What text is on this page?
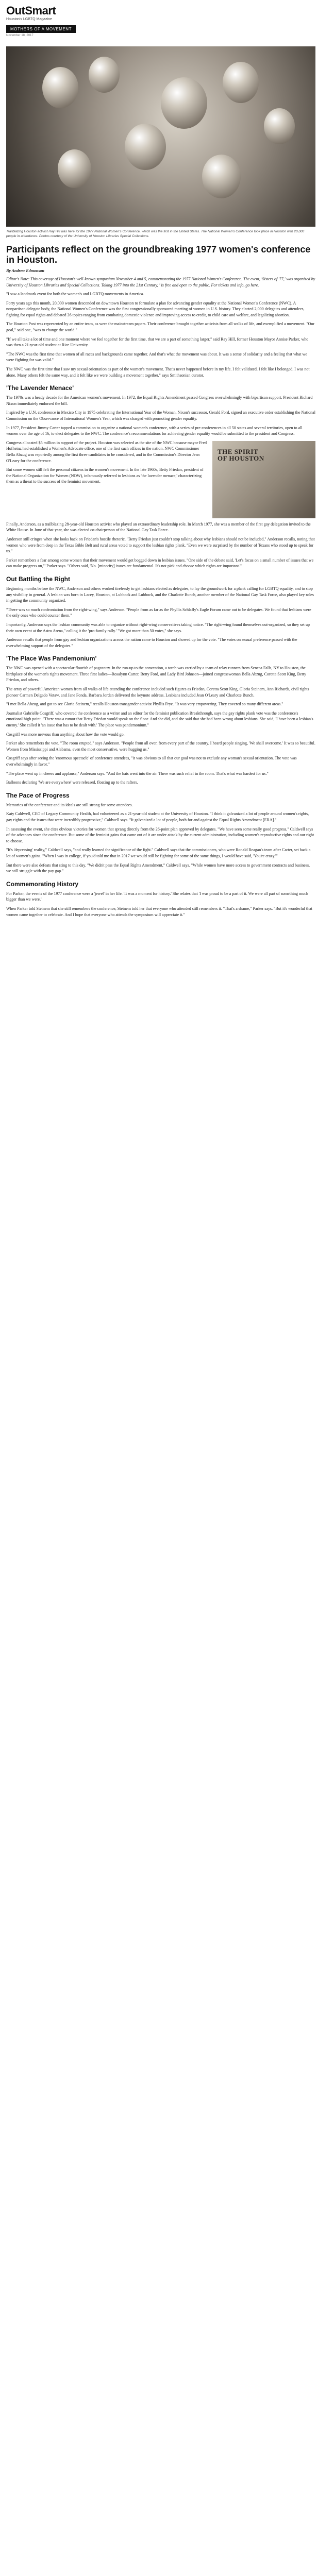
OutSmart
Houston's LGBTQ Magazine
MOTHERS OF A MOVEMENT
November 18, 2017
Trailblazing Houston activist Ray Hill was here for the 1977 National Women's Conference, which was the first in the United States. The National Women's Conference took place in Houston with 20,000 people in attendance. Photos courtesy of the University of Houston Libraries Special Collections.
Participants reflect on the groundbreaking 1977 women's conference in Houston.
By Andrew Edmonson

Editor's Note: This coverage of Houston's well-known symposium November 4 and 5, commemorating the 1977 National Women's Conference. The event, 'Sisters of '77,' was organized by University of Houston Libraries and Special Collections. Taking 1977 into the 21st Century, ' is free and open to the public. For tickets and info, go here.

"I saw a landmark event for both the women's and LGBTQ movements in America.

Forty years ago this month, 20,000 women descended on downtown Houston to formulate a plan for advancing gender equality at the National Women's Conference (NWC). A nonpartisan delegate body, the National Women's Conference was the first congressionally sponsored meeting of women in U.S. history. They elected 2,000 delegates and attendees, fighting for equal rights and debated 26 topics ranging from combating domestic violence and improving access to credit, to child care and welfare, and legalizing abortion.

The Houston Post was represented by an entire team, as were the mainstream papers. Their conference brought together activists from all walks of life, and exemplified a movement. "Our goal," said one, "was to change the world."

"If we all take a lot of time and one moment where we feel together for the first time, that we are a part of something larger," said Ray Hill, former Houston Mayor Annise Parker, who was then a 21-year-old student at Rice University.

"The NWC was the first time that women of all races and backgrounds came together. And that's what the movement was about. It was a sense of solidarity and a feeling that what we were fighting for was valid."

The NWC was the first time that I saw my sexual orientation as part of the women's movement. That's never happened before in my life. I felt validated. I felt like I belonged. I was not alone. Many others felt the same way, and it felt like we were building a movement together." says Smithsonian curator.

'The Lavender Menace'

The 1970s was a heady decade for the American women's movement. In 1972, the Equal Rights Amendment passed Congress overwhelmingly with bipartisan support. President Richard Nixon immediately endorsed the bill.

Inspired by a U.N. conference in Mexico City in 1975 celebrating the International Year of the Woman, Nixon's successor, Gerald Ford, signed an executive order establishing the National Commission on the Observance of International Women's Year, which was charged with promoting gender equality.

In 1977, President Jimmy Carter tapped a commission to organize a national women's conference, with a series of pre-conferences in all 50 states and several territories, open to all women over the age of 16, to elect delegates to the NWC. The conference's recommendations for achieving gender equality would be submitted to the president and Congress.

THE SPIRIT
OF HOUSTON

Congress allocated $5 million in support of the project. Houston was selected as the site of the NWC because mayor Fred Hofheinz had established a Women's Advocate office, one of the first such offices in the nation. NWC Commissioner Bella Abzug was reportedly among the first three candidates to be considered, and to the Commission's Director Jean O'Leary for the conference.

But some women still felt the personal citizens in the women's movement. In the late 1960s, Betty Friedan, president of the National Organization for Women (NOW), infamously referred to lesbians as 'the lavender menace,' characterizing them as a threat to the success of the feminist movement.

Finally, Anderson, as a trailblazing 28-year-old Houston activist who played an extraordinary leadership role. In March 1977, she was a member of the first gay delegation invited to the White House. In June of that year, she was elected co-chairperson of the National Gay Task Force.

Anderson still cringes when she looks back on Friedan's hostile rhetoric. "Betty Friedan just couldn't stop talking about why lesbians should not be included," Anderson recalls, noting that women who were from deep in the Texas Bible Belt and rural areas voted to support the lesbian rights plank. "Even we were surprised by the number of Texans who stood up to speak for us."

Parker remembers a fear among some women that their movement would get bogged down in lesbian issues. "One side of the debate said, 'Let's focus on a small number of issues that we can make progress on,'" Parker says. "Others said, 'No. [minority] issues are fundamental. It's not pick and choose which rights are important.'"

Out Battling the Right

Beginning months before the NWC, Anderson and others worked tirelessly to get lesbians elected as delegates, to lay the groundwork for a plank calling for LGBTQ equality, and to stop any visibility in general. A lesbian was born in Lacey, Houston, at Lubbock and Lubbock, and the Charlotte Bunch, another member of the National Gay Task Force, also played key roles in getting the community organized.

"There was so much confrontation from the right-wing," says Anderson. "People from as far as the Phyllis Schlafly's Eagle Forum came out to be delegates. We found that lesbians were the only ones who could counter them."

Importantly, Anderson says the lesbian community was able to organize without right-wing conservatives taking notice. "The right-wing found themselves out-organized, so they set up their own event at the Astro Arena," calling it the 'pro-family rally.' "We got more than 50 votes," she says.

Anderson recalls that people from gay and lesbian organizations across the nation came to Houston and showed up for the vote. "The votes on sexual preference passed with the overwhelming support of the delegates."

'The Place Was Pandemonium'

The NWC was opened with a spectacular flourish of pageantry. In the run-up to the convention, a torch was carried by a team of relay runners from Seneca Falls, NY to Houston, the birthplace of the women's rights movement. Three first ladies—Rosalynn Carter, Betty Ford, and Lady Bird Johnson—joined congresswoman Bella Abzug, Coretta Scott King, Betty Friedan, and others.

The array of powerful American women from all walks of life attending the conference included such figures as Friedan, Coretta Scott King, Gloria Steinem, Ann Richards, civil rights pioneer Carmen Delgado Votaw, and Jane Fonda. Barbara Jordan delivered the keynote address. Lesbians included Jean O'Leary and Charlotte Bunch.

"I met Bella Abzug, and got to see Gloria Steinem," recalls Houston transgender activist Phyllis Frye. "It was very empowering. They covered so many different areas."

Journalist Gabrielle Cosgriff, who covered the conference as a writer and an editor for the feminist publication Breakthrough, says the gay rights plank vote was the conference's emotional high point. "There was a rumor that Betty Friedan would speak on the floor. And she did, and she said that she had been wrong about lesbians. She said, 'I have been a lesbian's enemy.' She called it 'an issue that has to be dealt with.' The place was pandemonium."

Cosgriff was more nervous than anything about how the vote would go.

Parker also remembers the vote. "The room erupted," says Anderson. "People from all over, from every part of the country. I heard people singing, 'We shall overcome.' It was so beautiful. Women from Mississippi and Alabama, even the most conservative, were hugging us."

Cosgriff says after seeing the 'enormous spectacle' of conference attendees, "it was obvious to all that our goal was not to exclude any woman's sexual orientation. The vote was overwhelmingly in favor."

"The place went up in cheers and applause," Anderson says. "And the hats went into the air. There was such relief in the room. That's what was hardest for us."

Balloons declaring 'We are everywhere' were released, floating up to the rafters.

The Pace of Progress

Memories of the conference and its ideals are still strong for some attendees.

Katy Caldwell, CEO of Legacy Community Health, had volunteered as a 21-year-old student at the University of Houston. "I think it galvanized a lot of people around women's rights, gay rights and the issues that were incredibly progressive," Caldwell says. "It galvanized a lot of people, both for and against the Equal Rights Amendment [ERA]."

In assessing the event, she cites obvious victories for women that sprang directly from the 26-point plan approved by delegates. "We have seen some really good progress," Caldwell says of the advances since the conference. But some of the feminist gains that came out of it are under attack by the current administration, including women's reproductive rights and our right to choose.

"It's 'depressing' reality," Caldwell says, "and really learned the significance of the fight." Caldwell says that the commissioners, who were Ronald Reagan's team after Carter, set back a lot of women's gains. "When I was in college, if you'd told me that in 2017 we would still be fighting for some of the same things, I would have said, 'You're crazy.'"

But there were also defeats that sting to this day. "We didn't pass the Equal Rights Amendment," Caldwell says. "While women have more access to government contracts and business, we still struggle with the pay gap."

Commemorating History

For Parker, the events of the 1977 conference were a 'jewel' in her life. 'It was a moment for history.' She relates that 'I was proud to be a part of it. We were all part of something much bigger than we were.'

When Parker told Steinem that she still remembers the conference, Steinem told her that everyone who attended still remembers it. "That's a shame," Parker says. "But it's wonderful that women came together to celebrate. And I hope that everyone who attends the symposium will appreciate it."
